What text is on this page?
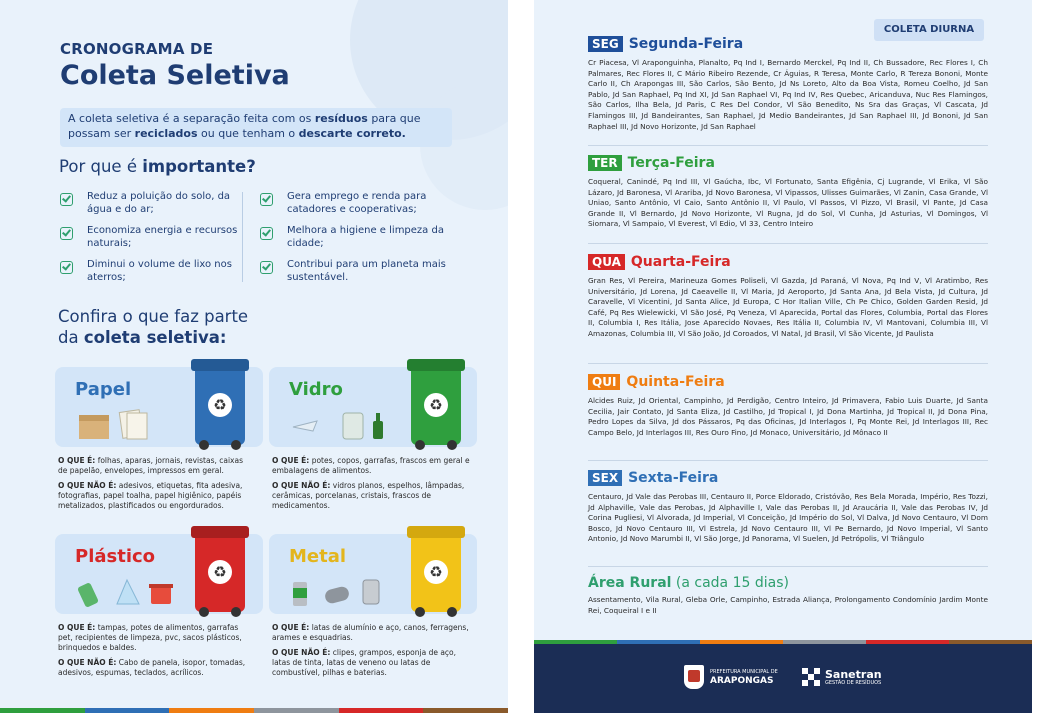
CRONOGRAMA DE
Coleta Seletiva
A coleta seletiva é a separação feita com os resíduos para que possam ser reciclados ou que tenham o descarte correto.
Por que é importante?
Reduz a poluição do solo, da água e do ar;
Economiza energia e recursos naturais;
Diminui o volume de lixo nos aterros;
Gera emprego e renda para catadores e cooperativas;
Melhora a higiene e limpeza da cidade;
Contribui para um planeta mais sustentável.
Confira o que faz parte
da coleta seletiva:
Papel
♻

O QUE É: folhas, aparas, jornais, revistas, caixas de papelão, envelopes, impressos em geral.

O QUE NÃO É: adesivos, etiquetas, fita adesiva, fotografias, papel toalha, papel higiênico, papéis metalizados, plastificados ou engordurados.

Vidro
♻

O QUE É: potes, copos, garrafas, frascos em geral e embalagens de alimentos.

O QUE NÃO É: vidros planos, espelhos, lâmpadas, cerâmicas, porcelanas, cristais, frascos de medicamentos.

Plástico
♻

O QUE É: tampas, potes de alimentos, garrafas pet, recipientes de limpeza, pvc, sacos plásticos, brinquedos e baldes.

O QUE NÃO É: Cabo de panela, isopor, tomadas, adesivos, espumas, teclados, acrílicos.

Metal
♻

O QUE É: latas de alumínio e aço, canos, ferragens, arames e esquadrias.

O QUE NÃO É: clipes, grampos, esponja de aço, latas de tinta, latas de veneno ou latas de combustível, pilhas e baterias.

COLETA DIURNA
SEG Segunda-Feira
Cr Piacesa, Vl Araponguinha, Planalto, Pq Ind I, Bernardo Merckel, Pq Ind II, Ch Bussadore, Rec Flores I, Ch Palmares, Rec Flores II, C Mário Ribeiro Rezende, Cr Águias, R Teresa, Monte Carlo, R Tereza Bononi, Monte Carlo II, Ch Arapongas III, São Carlos, São Bento, Jd Ns Loreto, Alto da Boa Vista, Romeu Coelho, Jd San Pablo, Jd San Raphael, Pq Ind XI, Jd San Raphael VI, Pq Ind IV, Res Quebec, Aricanduva, Nuc Res Flamingos, São Carlos, Ilha Bela, Jd Paris, C Res Del Condor, Vl São Benedito, Ns Sra das Graças, Vl Cascata, Jd Flamingos III, Jd Bandeirantes, San Raphael, Jd Medio Bandeirantes, Jd San Raphael III, Jd Bononi, Jd San Raphael III, Jd Novo Horizonte, Jd San Raphael
TER Terça-Feira
Coqueral, Canindé, Pq Ind III, Vl Gaúcha, Ibc, Vl Fortunato, Santa Efigênia, Cj Lugrande, Vl Erika, Vl São Lázaro, Jd Baronesa, Vl Arariba, Jd Novo Baronesa, Vl Vipassos, Ulisses Guimarães, Vl Zanin, Casa Grande, Vl Uniao, Santo Antônio, Vl Caio, Santo Antônio II, Vl Paulo, Vl Passos, Vl Pizzo, Vl Brasil, Vl Pante, Jd Casa Grande II, Vl Bernardo, Jd Novo Horizonte, Vl Rugna, Jd do Sol, Vl Cunha, Jd Asturias, Vl Domingos, Vl Siomara, Vl Sampaio, Vl Everest, Vl Edio, Vl 33, Centro Inteiro
QUA Quarta-Feira
Gran Res, Vl Pereira, Marineuza Gomes Poliseli, Vl Gazda, Jd Paraná, Vl Nova, Pq Ind V, Vl Aratimbo, Res Universitário, Jd Lorena, Jd Caeavelle II, Vl Maria, Jd Aeroporto, Jd Santa Ana, Jd Bela Vista, Jd Cultura, Jd Caravelle, Vl Vicentini, Jd Santa Alice, Jd Europa, C Hor Italian Ville, Ch Pe Chico, Golden Garden Resid, Jd Café, Pq Res Wielewicki, Vl São José, Pq Veneza, Vl Aparecida, Portal das Flores, Columbia, Portal das Flores II, Columbia I, Res Itália, Jose Aparecido Novaes, Res Itália II, Columbia IV, Vl Mantovani, Columbia III, Vl Amazonas, Columbia III, Vl São João, Jd Coroados, Vl Natal, Jd Brasil, Vl São Vicente, Jd Paulista
QUI Quinta-Feira
Alcides Ruiz, Jd Oriental, Campinho, Jd Perdigão, Centro Inteiro, Jd Primavera, Fabio Luis Duarte, Jd Santa Cecilia, Jair Contato, Jd Santa Eliza, Jd Castilho, Jd Tropical I, Jd Dona Martinha, Jd Tropical II, Jd Dona Pina, Pedro Lopes da Silva, Jd dos Pássaros, Pq das Oficinas, Jd Interlagos I, Pq Monte Rei, Jd Interlagos III, Rec Campo Belo, Jd Interlagos III, Res Ouro Fino, Jd Monaco, Universitário, Jd Mônaco II
SEX Sexta-Feira
Centauro, Jd Vale das Perobas III, Centauro II, Porce Eldorado, Cristóvão, Res Bela Morada, Império, Res Tozzi, Jd Alphaville, Vale das Perobas, Jd Alphaville I, Vale das Perobas II, Jd Araucária II, Vale das Perobas IV, Jd Corina Pugliesi, Vl Alvorada, Jd Imperial, Vl Conceição, Jd Império do Sol, Vl Dalva, Jd Novo Centauro, Vl Dom Bosco, Jd Novo Centauro III, Vl Estrela, Jd Novo Centauro III, Vl Pe Bernardo, Jd Novo Imperial, Vl Santo Antonio, Jd Novo Marumbi II, Vl São Jorge, Jd Panorama, Vl Suelen, Jd Petrópolis, Vl Triângulo
Área Rural (a cada 15 dias)
Assentamento, Vila Rural, Gleba Orle, Campinho, Estrada Aliança, Prolongamento Condomínio Jardim Monte Rei, Coqueiral I e II
PREFEITURA MUNICIPAL DE
ARAPONGAS
Sanetran
GESTÃO DE RESÍDUOS
